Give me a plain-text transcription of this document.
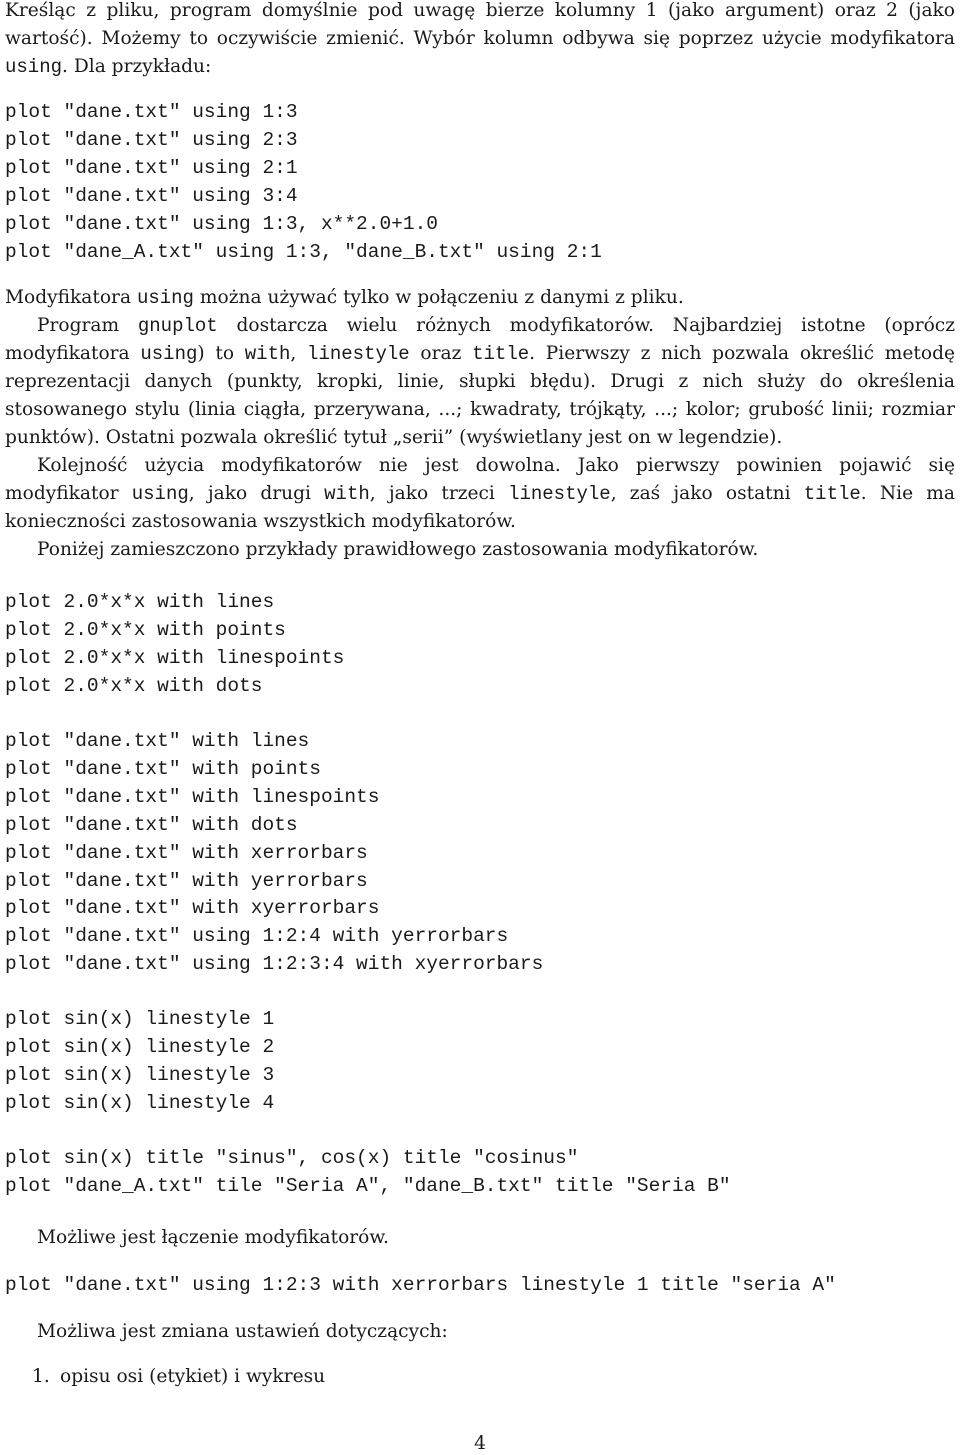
Kreśląc z pliku, program domyślnie pod uwagę bierze kolumny 1 (jako argument) oraz 2 (jako wartość). Możemy to oczywiście zmienić. Wybór kolumn odbywa się poprzez użycie modyfikatora using. Dla przykładu:
plot "dane.txt" using 1:3
plot "dane.txt" using 2:3
plot "dane.txt" using 2:1
plot "dane.txt" using 3:4
plot "dane.txt" using 1:3, x**2.0+1.0
plot "dane_A.txt" using 1:3, "dane_B.txt" using 2:1
Modyfikatora using można używać tylko w połączeniu z danymi z pliku.
Program gnuplot dostarcza wielu różnych modyfikatorów. Najbardziej istotne (oprócz modyfikatora using) to with, linestyle oraz title. Pierwszy z nich pozwala określić metodę reprezentacji danych (punkty, kropki, linie, słupki błędu). Drugi z nich służy do określenia stosowanego stylu (linia ciągła, przerywana, ...; kwadraty, trójkąty, ...; kolor; grubość linii; rozmiar punktów). Ostatni pozwala określić tytuł „serii” (wyświetlany jest on w legendzie).
Kolejność użycia modyfikatorów nie jest dowolna. Jako pierwszy powinien pojawić się modyfikator using, jako drugi with, jako trzeci linestyle, zaś jako ostatni title. Nie ma konieczności zastosowania wszystkich modyfikatorów.
Poniżej zamieszczono przykłady prawidłowego zastosowania modyfikatorów.
plot 2.0*x*x with lines
plot 2.0*x*x with points
plot 2.0*x*x with linespoints
plot 2.0*x*x with dots
plot "dane.txt" with lines
plot "dane.txt" with points
plot "dane.txt" with linespoints
plot "dane.txt" with dots
plot "dane.txt" with xerrorbars
plot "dane.txt" with yerrorbars
plot "dane.txt" with xyerrorbars
plot "dane.txt" using 1:2:4 with yerrorbars
plot "dane.txt" using 1:2:3:4 with xyerrorbars
plot sin(x) linestyle 1
plot sin(x) linestyle 2
plot sin(x) linestyle 3
plot sin(x) linestyle 4
plot sin(x) title "sinus", cos(x) title "cosinus"
plot "dane_A.txt" tile "Seria A", "dane_B.txt" title "Seria B"
Możliwe jest łączenie modyfikatorów.
plot "dane.txt" using 1:2:3 with xerrorbars linestyle 1 title "seria A"
Możliwa jest zmiana ustawień dotyczących:
1. opisu osi (etykiet) i wykresu
4
